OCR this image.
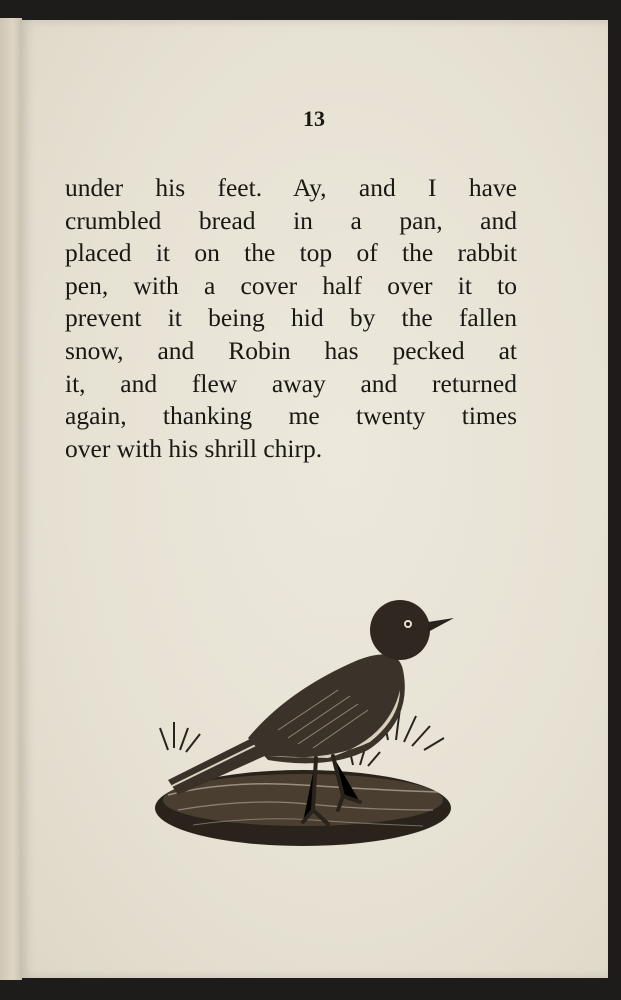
13
under his feet. Ay, and I have
crumbled bread in a pan, and
placed it on the top of the rabbit
pen, with a cover half over it to
prevent it being hid by the fallen
snow, and Robin has pecked at
it, and flew away and returned
again, thanking me twenty times
over with his shrill chirp.
